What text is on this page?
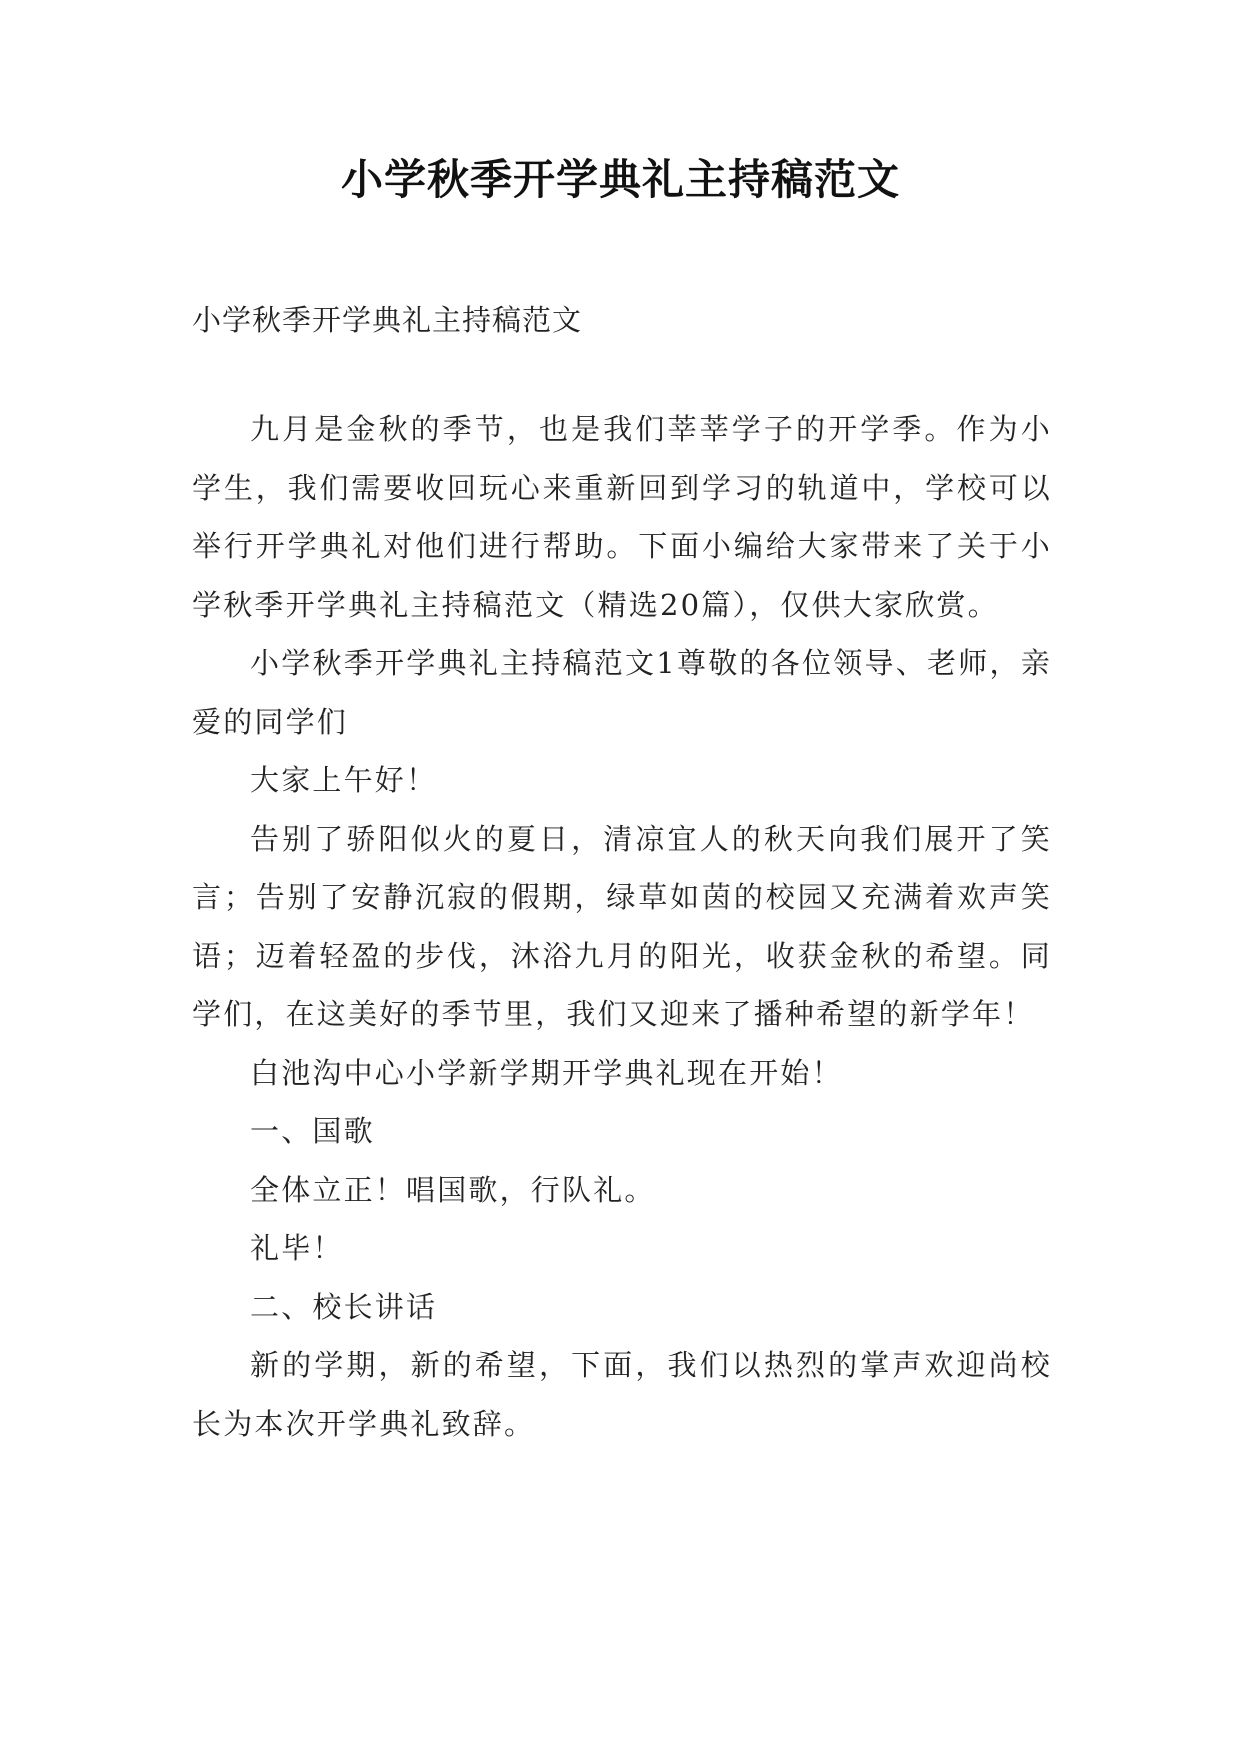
小学秋季开学典礼主持稿范文
小学秋季开学典礼主持稿范文

九月是金秋的季节，也是我们莘莘学子的开学季。作为小学生，我们需要收回玩心来重新回到学习的轨道中，学校可以举行开学典礼对他们进行帮助。下面小编给大家带来了关于小学秋季开学典礼主持稿范文（精选20篇），仅供大家欣赏。

小学秋季开学典礼主持稿范文1尊敬的各位领导、老师，亲爱的同学们

大家上午好！

告别了骄阳似火的夏日，清凉宜人的秋天向我们展开了笑言；告别了安静沉寂的假期，绿草如茵的校园又充满着欢声笑语；迈着轻盈的步伐，沐浴九月的阳光，收获金秋的希望。同学们，在这美好的季节里，我们又迎来了播种希望的新学年！

白池沟中心小学新学期开学典礼现在开始！

一、国歌

全体立正！唱国歌，行队礼。

礼毕！

二、校长讲话

新的学期，新的希望，下面，我们以热烈的掌声欢迎尚校长为本次开学典礼致辞。
